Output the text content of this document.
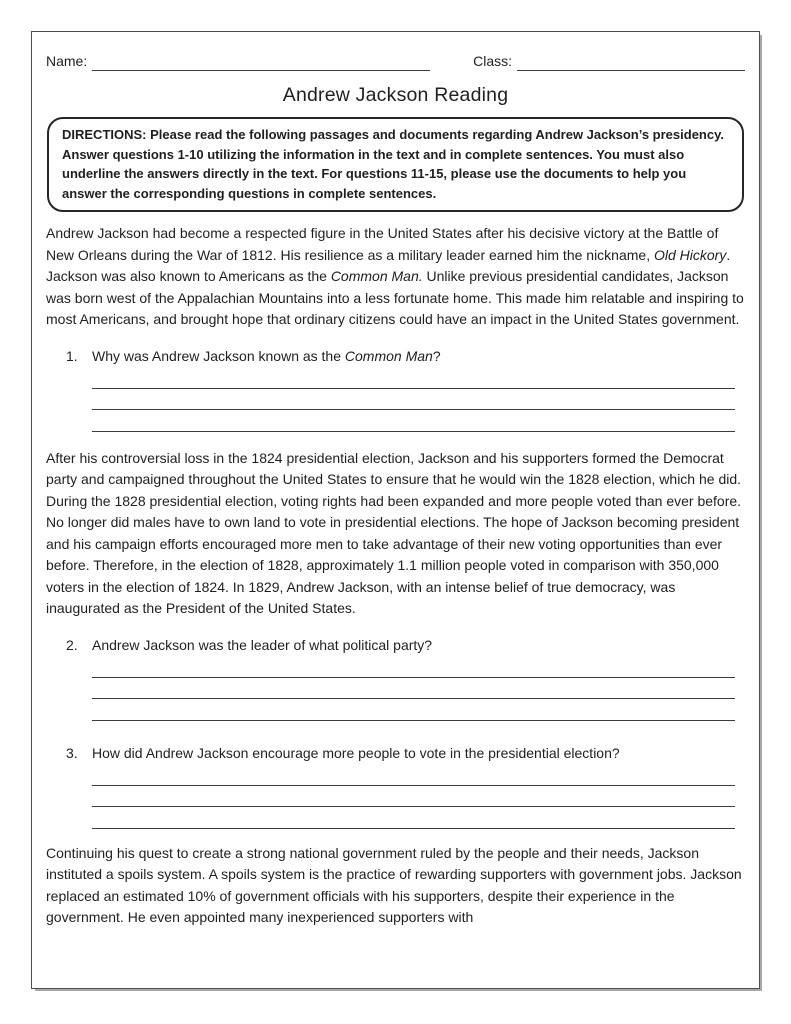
Name:	Class:
Andrew Jackson Reading

DIRECTIONS: Please read the following passages and documents regarding Andrew Jackson’s presidency. Answer questions 1-10 utilizing the information in the text and in complete sentences. You must also underline the answers directly in the text. For questions 11-15, please use the documents to help you answer the corresponding questions in complete sentences.

Andrew Jackson had become a respected figure in the United States after his decisive victory at the Battle of New Orleans during the War of 1812. His resilience as a military leader earned him the nickname, Old Hickory. Jackson was also known to Americans as the Common Man. Unlike previous presidential candidates, Jackson was born west of the Appalachian Mountains into a less fortunate home. This made him relatable and inspiring to most Americans, and brought hope that ordinary citizens could have an impact in the United States government.

1.	Why was Andrew Jackson known as the Common Man?

After his controversial loss in the 1824 presidential election, Jackson and his supporters formed the Democrat party and campaigned throughout the United States to ensure that he would win the 1828 election, which he did. During the 1828 presidential election, voting rights had been expanded and more people voted than ever before. No longer did males have to own land to vote in presidential elections. The hope of Jackson becoming president and his campaign efforts encouraged more men to take advantage of their new voting opportunities than ever before. Therefore, in the election of 1828, approximately 1.1 million people voted in comparison with 350,000 voters in the election of 1824. In 1829, Andrew Jackson, with an intense belief of true democracy, was inaugurated as the President of the United States.

2.	Andrew Jackson was the leader of what political party?
3.	How did Andrew Jackson encourage more people to vote in the presidential election?

Continuing his quest to create a strong national government ruled by the people and their needs, Jackson instituted a spoils system. A spoils system is the practice of rewarding supporters with government jobs. Jackson replaced an estimated 10% of government officials with his supporters, despite their experience in the government. He even appointed many inexperienced supporters with
